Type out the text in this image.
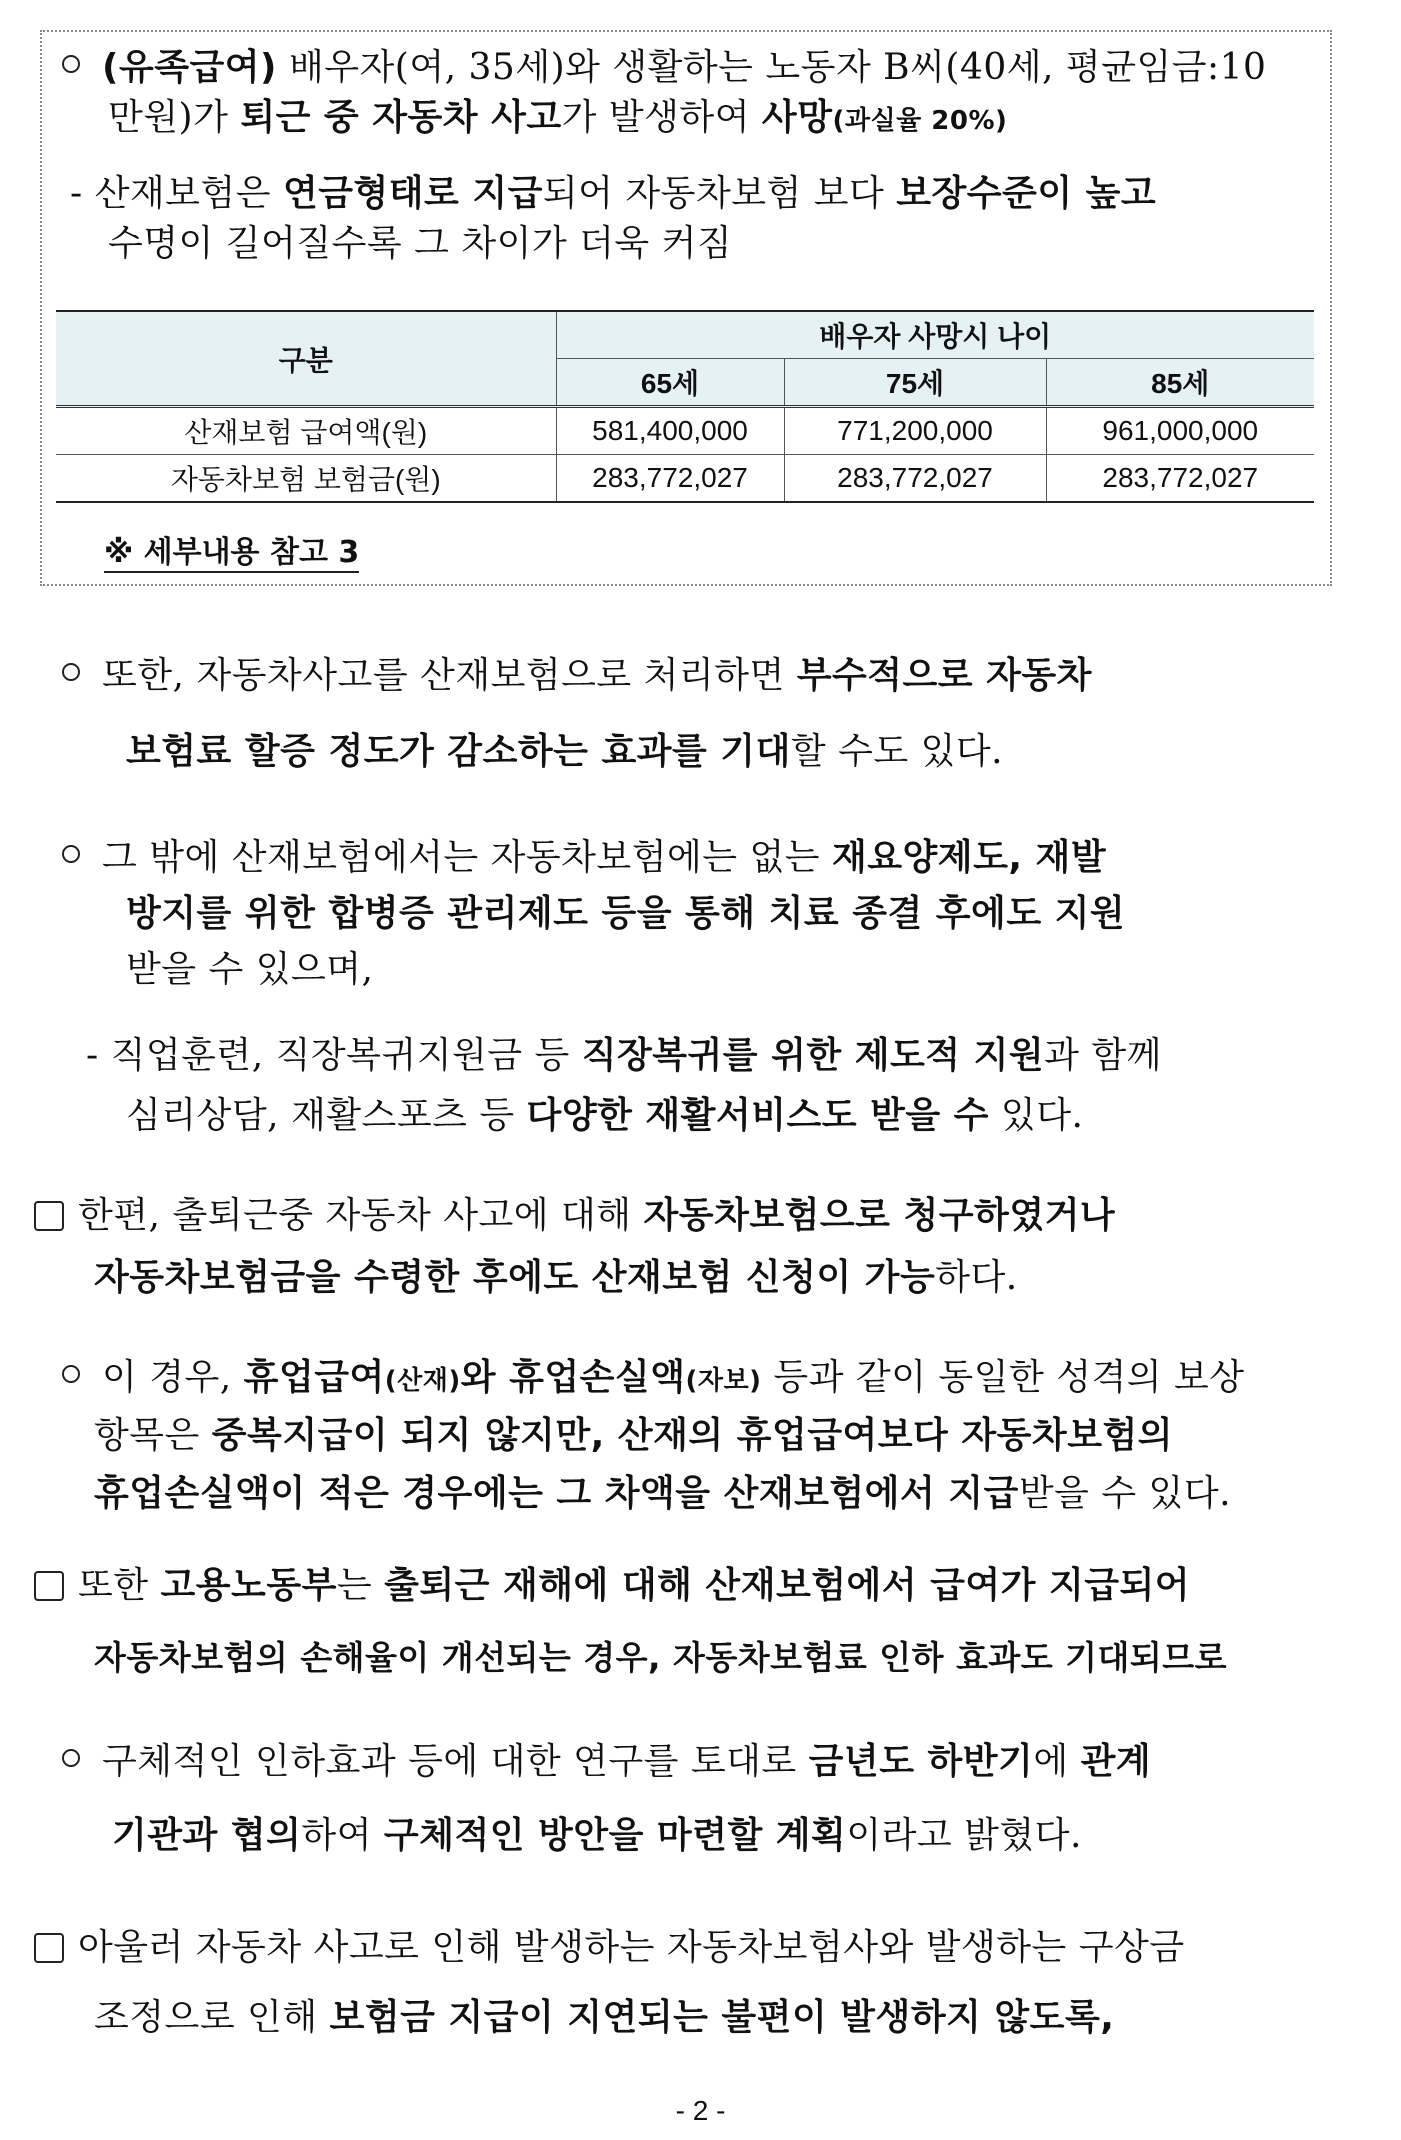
(유족급여) 배우자(여, 35세)와 생활하는 노동자 B씨(40세, 평균임금:10
만원)가 퇴근 중 자동차 사고가 발생하여 사망(과실율 20%)
- 산재보험은 연금형태로 지급되어 자동차보험 보다 보장수준이 높고
수명이 길어질수록 그 차이가 더욱 커짐
구분	배우자 사망시 나이		
	65세	75세	85세
산재보험 급여액(원)	581,400,000	771,200,000	961,000,000
자동차보험 보험금(원)	283,772,027	283,772,027	283,772,027
※ 세부내용 참고 3
또한, 자동차사고를 산재보험으로 처리하면 부수적으로 자동차
보험료 할증 정도가 감소하는 효과를 기대할 수도 있다.
그 밖에 산재보험에서는 자동차보험에는 없는 재요양제도, 재발
방지를 위한 합병증 관리제도 등을 통해 치료 종결 후에도 지원
받을 수 있으며,
- 직업훈련, 직장복귀지원금 등 직장복귀를 위한 제도적 지원과 함께
심리상담, 재활스포츠 등 다양한 재활서비스도 받을 수 있다.
한편, 출퇴근중 자동차 사고에 대해 자동차보험으로 청구하였거나
자동차보험금을 수령한 후에도 산재보험 신청이 가능하다.
이 경우, 휴업급여(산재)와 휴업손실액(자보) 등과 같이 동일한 성격의 보상
항목은 중복지급이 되지 않지만, 산재의 휴업급여보다 자동차보험의
휴업손실액이 적은 경우에는 그 차액을 산재보험에서 지급받을 수 있다.
또한 고용노동부는 출퇴근 재해에 대해 산재보험에서 급여가 지급되어
자동차보험의 손해율이 개선되는 경우, 자동차보험료 인하 효과도 기대되므로
구체적인 인하효과 등에 대한 연구를 토대로 금년도 하반기에 관계
기관과 협의하여 구체적인 방안을 마련할 계획이라고 밝혔다.
아울러 자동차 사고로 인해 발생하는 자동차보험사와 발생하는 구상금
조정으로 인해 보험금 지급이 지연되는 불편이 발생하지 않도록,
- 2 -
